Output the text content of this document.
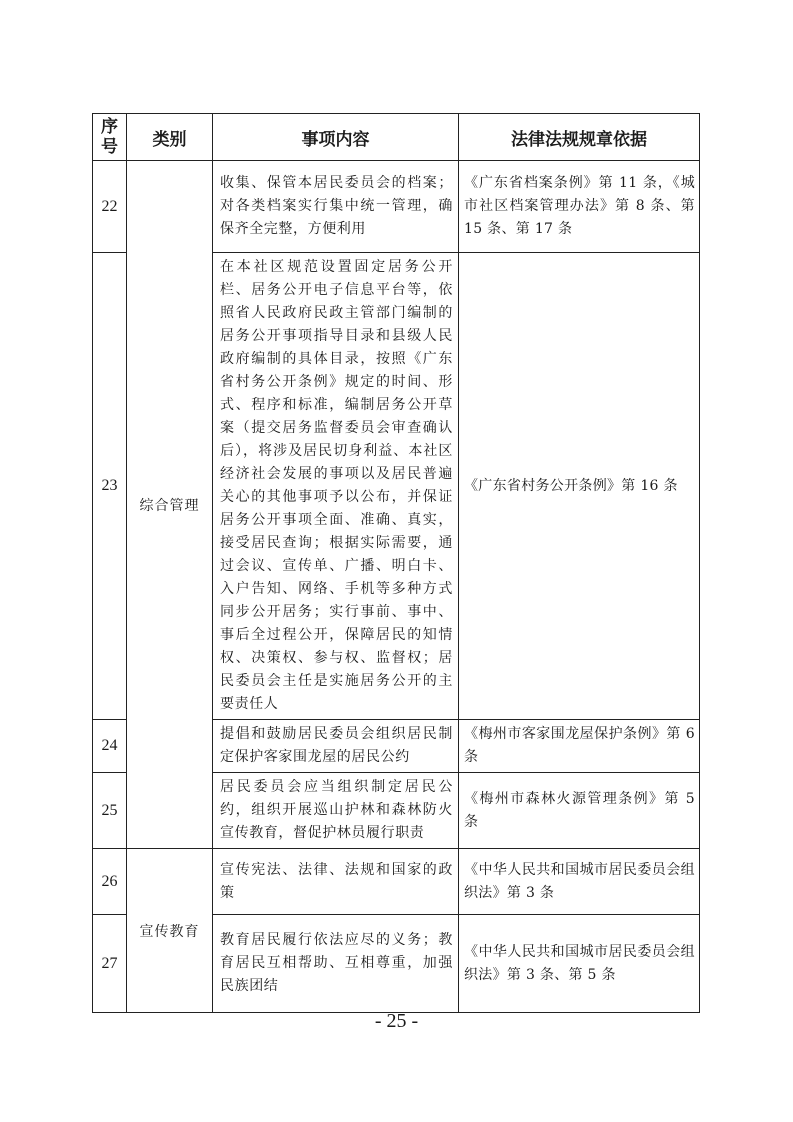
序号	类别	事项内容	法律法规规章依据
22	综合管理	收集、保管本居民委员会的档案；对各类档案实行集中统一管理，确保齐全完整，方便利用	《广东省档案条例》第 11 条，《城市社区档案管理办法》第 8 条、第 15 条、第 17 条
23		在本社区规范设置固定居务公开栏、居务公开电子信息平台等，依照省人民政府民政主管部门编制的居务公开事项指导目录和县级人民政府编制的具体目录，按照《广东省村务公开条例》规定的时间、形式、程序和标准，编制居务公开草案（提交居务监督委员会审查确认后），将涉及居民切身利益、本社区经济社会发展的事项以及居民普遍关心的其他事项予以公布，并保证居务公开事项全面、准确、真实，接受居民查询；根据实际需要，通过会议、宣传单、广播、明白卡、入户告知、网络、手机等多种方式同步公开居务；实行事前、事中、事后全过程公开，保障居民的知情权、决策权、参与权、监督权；居民委员会主任是实施居务公开的主要责任人	《广东省村务公开条例》第 16 条
24		提倡和鼓励居民委员会组织居民制定保护客家围龙屋的居民公约	《梅州市客家围龙屋保护条例》第 6 条
25		居民委员会应当组织制定居民公约，组织开展巡山护林和森林防火宣传教育，督促护林员履行职责	《梅州市森林火源管理条例》第 5 条
26	宣传教育	宣传宪法、法律、法规和国家的政策	《中华人民共和国城市居民委员会组织法》第 3 条
27		教育居民履行依法应尽的义务；教育居民互相帮助、互相尊重，加强民族团结	《中华人民共和国城市居民委员会组织法》第 3 条、第 5 条
- 25 -
